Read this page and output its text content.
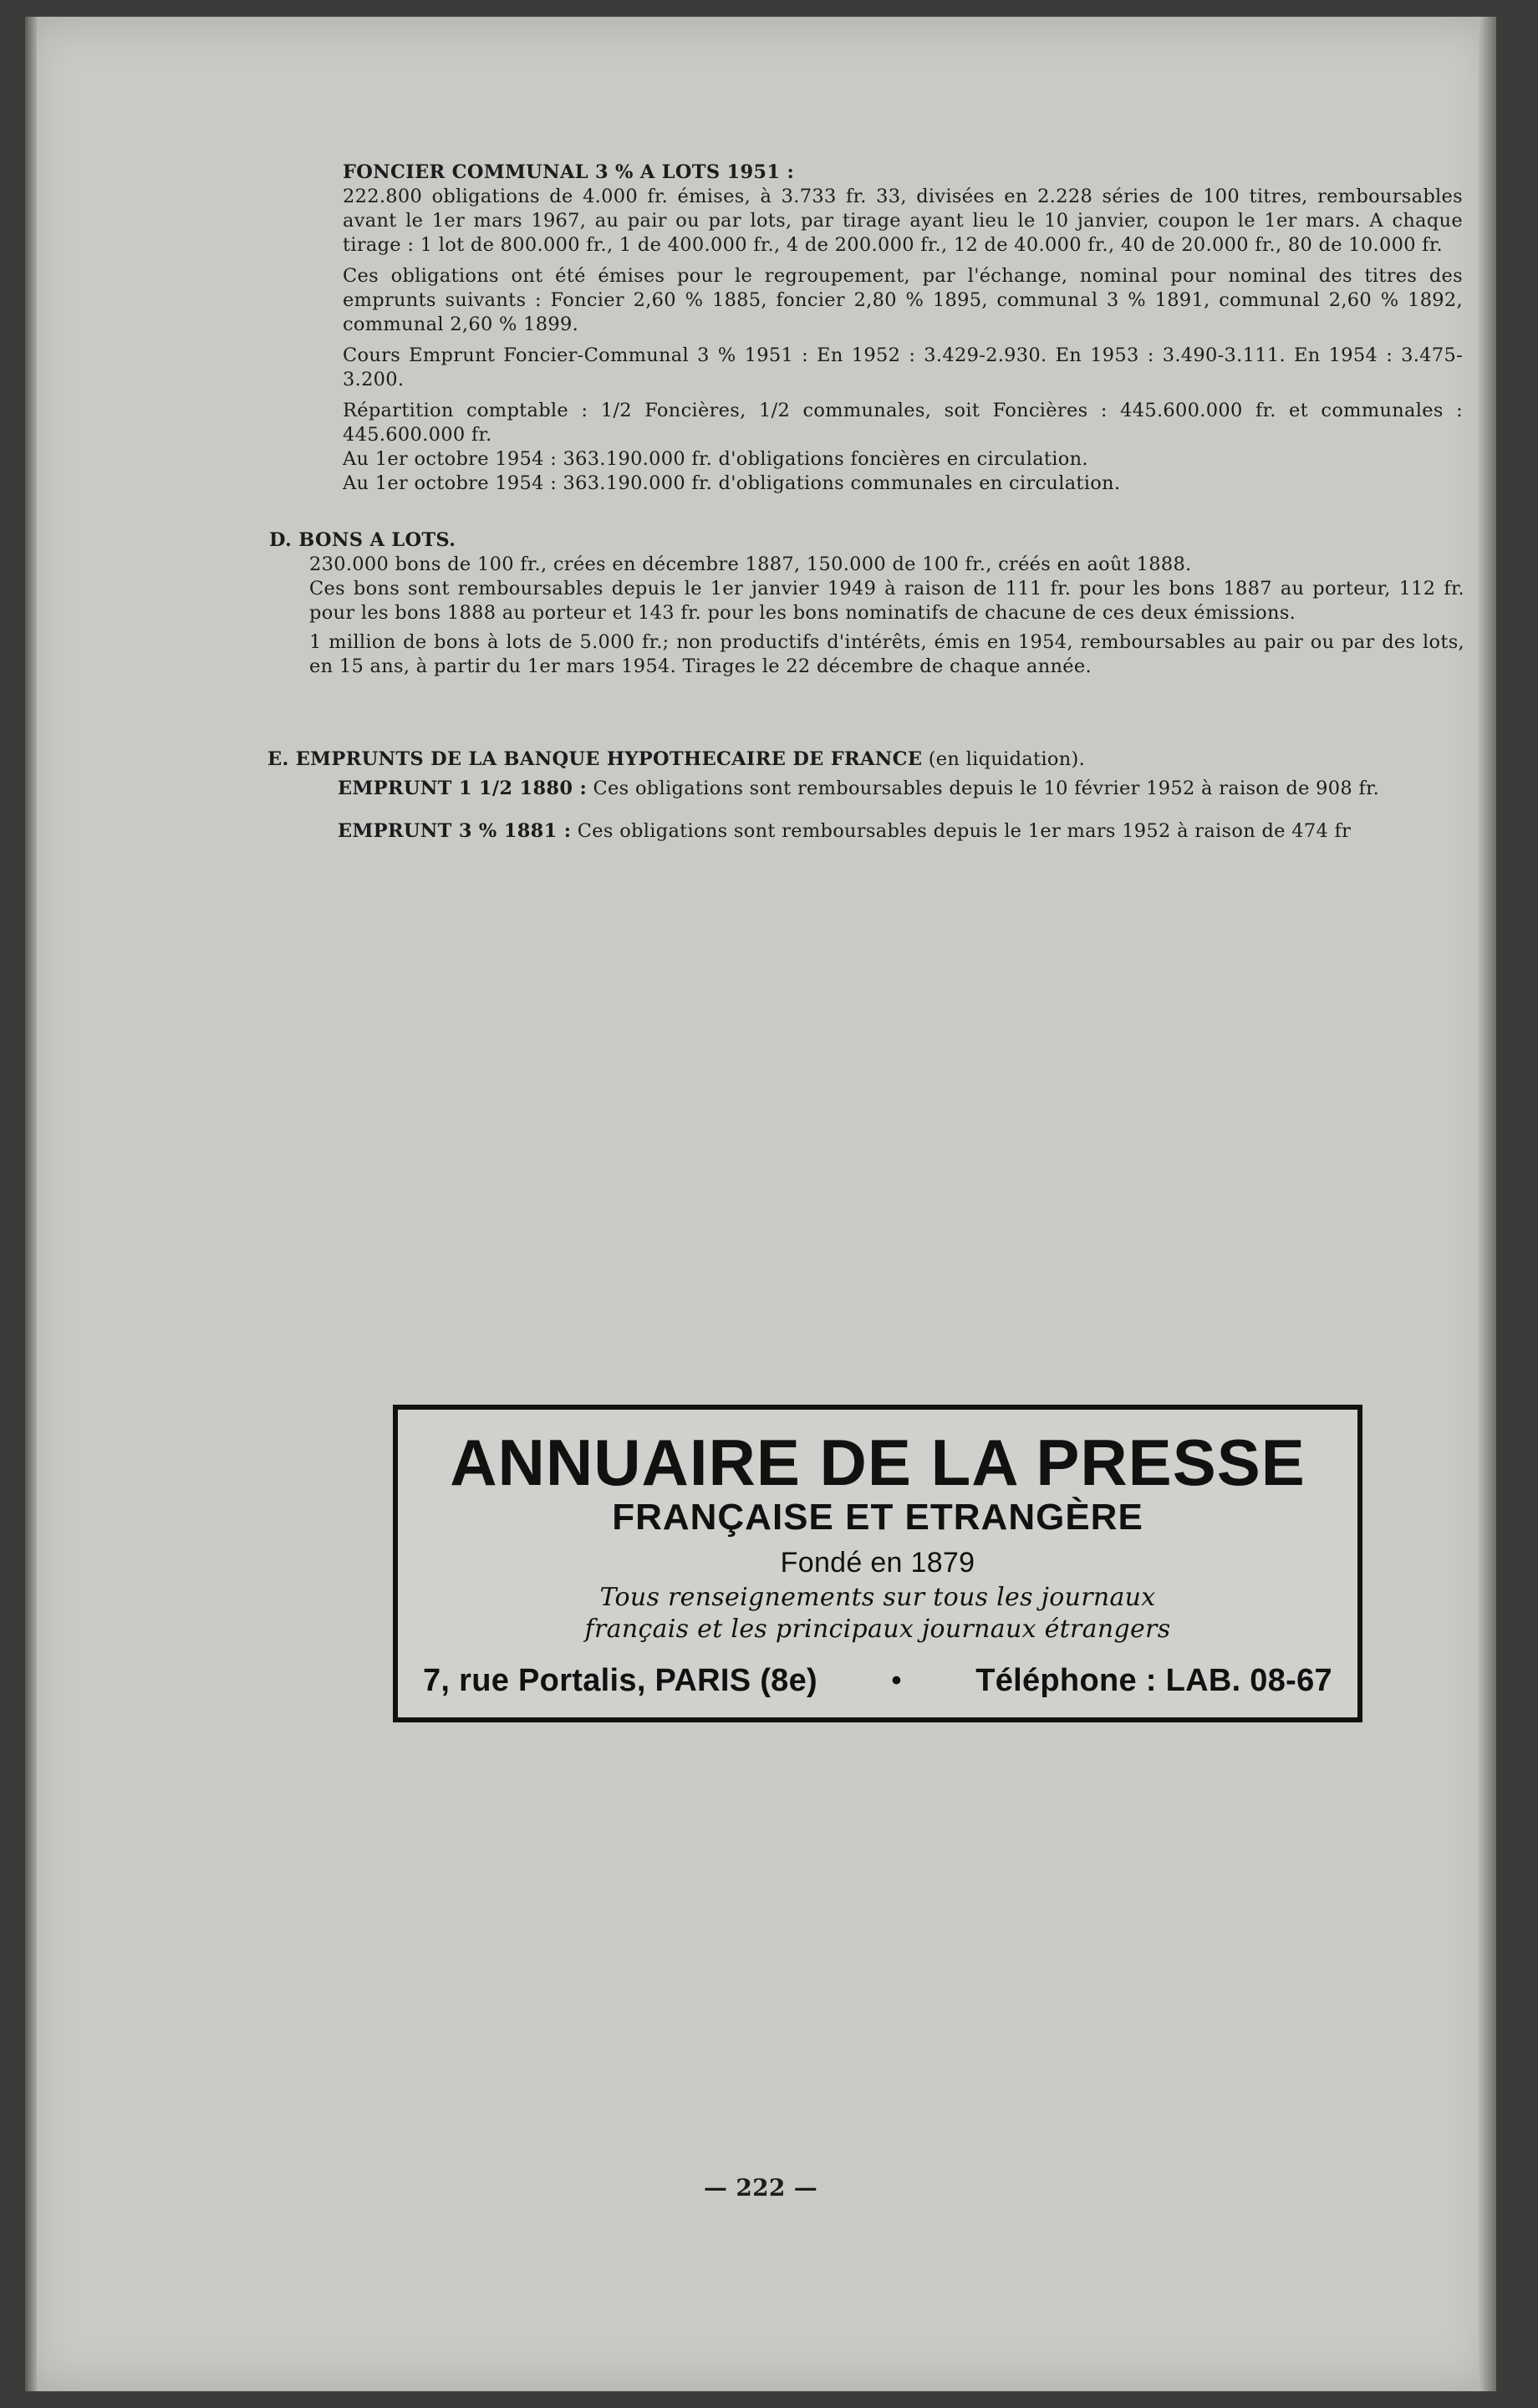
FONCIER COMMUNAL 3 % A LOTS 1951 :

222.800 obligations de 4.000 fr. émises, à 3.733 fr. 33, divisées en 2.228 séries de 100 titres, remboursables avant le 1er mars 1967, au pair ou par lots, par tirage ayant lieu le 10 janvier, coupon le 1er mars. A chaque tirage : 1 lot de 800.000 fr., 1 de 400.000 fr., 4 de 200.000 fr., 12 de 40.000 fr., 40 de 20.000 fr., 80 de 10.000 fr.

Ces obligations ont été émises pour le regroupement, par l'échange, nominal pour nominal des titres des emprunts suivants : Foncier 2,60 % 1885, foncier 2,80 % 1895, communal 3 % 1891, communal 2,60 % 1892, communal 2,60 % 1899.

Cours Emprunt Foncier-Communal 3 % 1951 : En 1952 : 3.429-2.930. En 1953 : 3.490-3.111. En 1954 : 3.475-3.200.

Répartition comptable : 1/2 Foncières, 1/2 communales, soit Foncières : 445.600.000 fr. et communales : 445.600.000 fr.

Au 1er octobre 1954 : 363.190.000 fr. d'obligations foncières en circulation.

Au 1er octobre 1954 : 363.190.000 fr. d'obligations communales en circulation.

D. BONS A LOTS.

230.000 bons de 100 fr., crées en décembre 1887, 150.000 de 100 fr., créés en août 1888.

Ces bons sont remboursables depuis le 1er janvier 1949 à raison de 111 fr. pour les bons 1887 au porteur, 112 fr. pour les bons 1888 au porteur et 143 fr. pour les bons nominatifs de chacune de ces deux émissions.

1 million de bons à lots de 5.000 fr.; non productifs d'intérêts, émis en 1954, remboursables au pair ou par des lots, en 15 ans, à partir du 1er mars 1954. Tirages le 22 décembre de chaque année.

E. EMPRUNTS DE LA BANQUE HYPOTHECAIRE DE FRANCE (en liquidation).

EMPRUNT 1 1/2 1880 : Ces obligations sont remboursables depuis le 10 février 1952 à raison de 908 fr.

EMPRUNT 3 % 1881 : Ces obligations sont remboursables depuis le 1er mars 1952 à raison de 474 fr

ANNUAIRE DE LA PRESSE
FRANÇAISE ET ETRANGÈRE
Fondé en 1879
Tous renseignements sur tous les journaux
français et les principaux journaux étrangers
7, rue Portalis, PARIS (8e)	• Téléphone : LAB. 08-67
— 222 —
